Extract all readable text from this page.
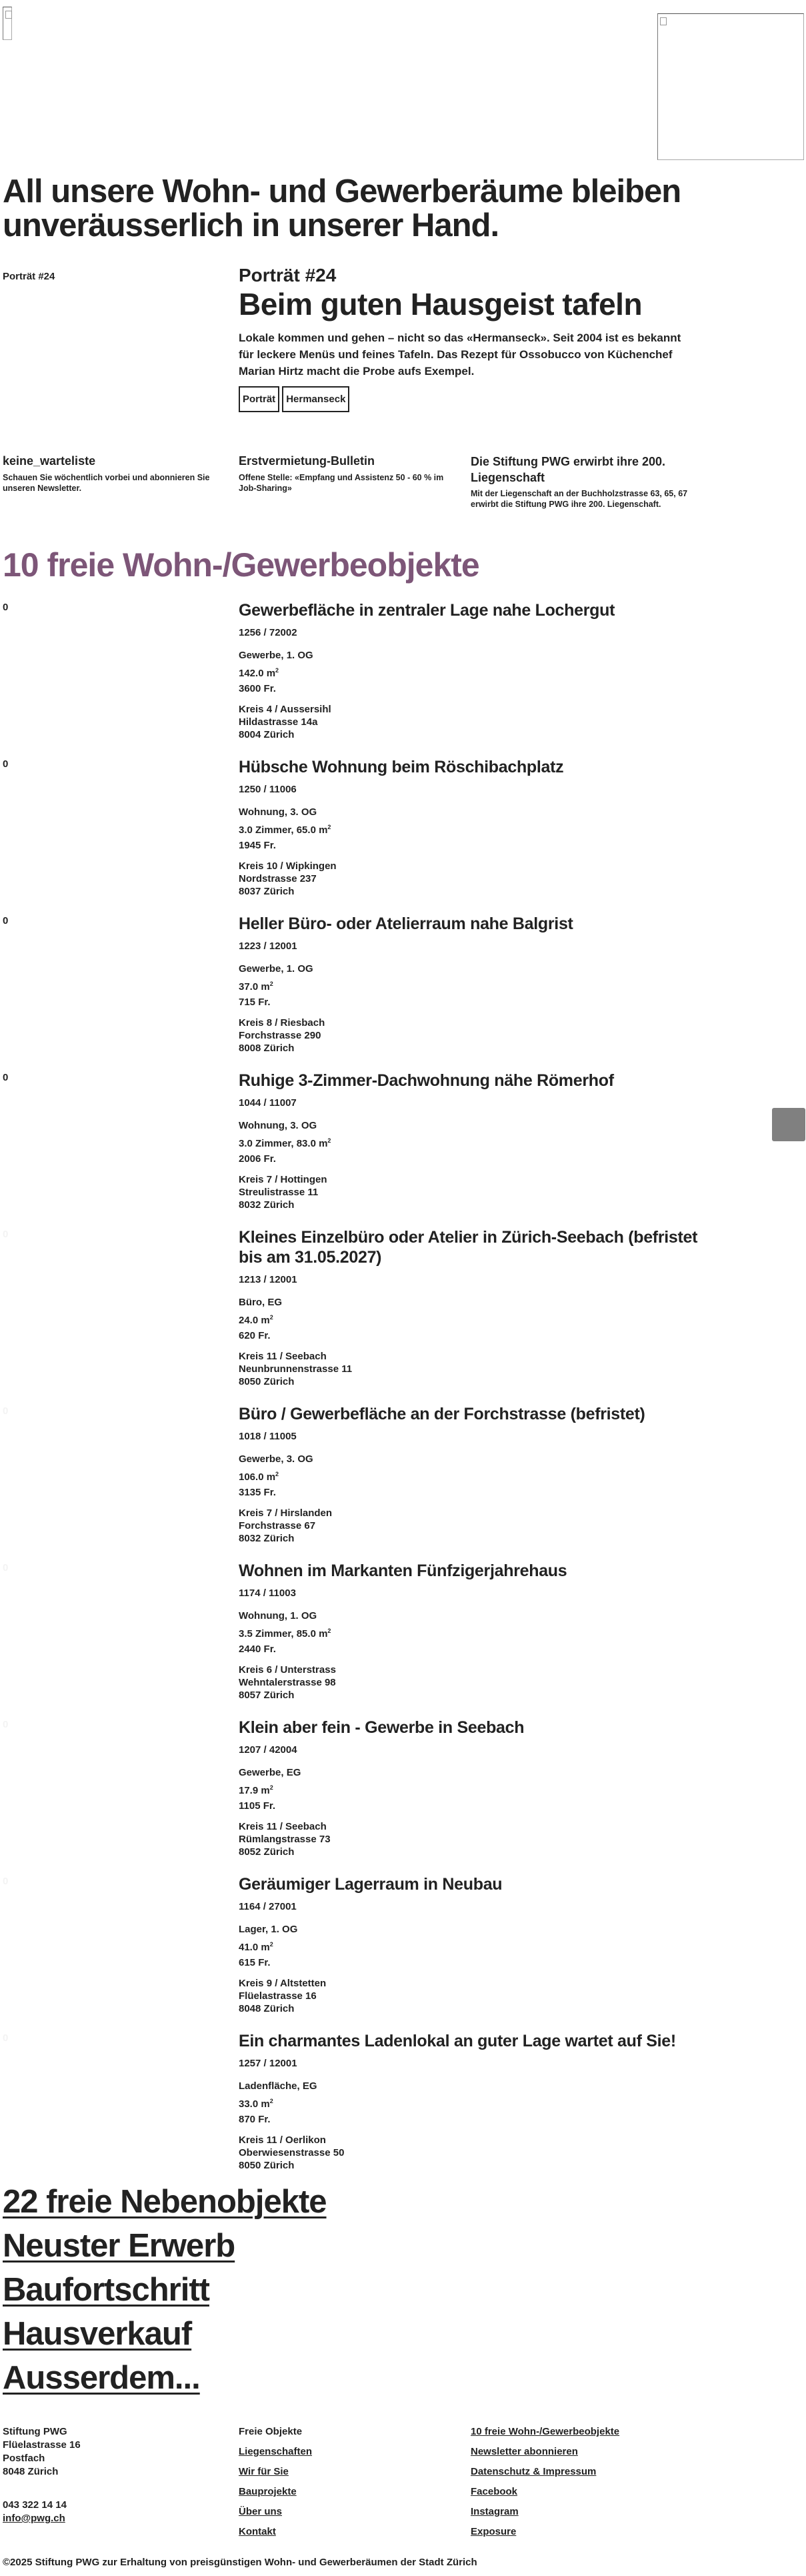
All unsere Wohn- und Gewerberäume bleiben unveräusserlich in unserer Hand.
Porträt #24	Porträt #24

Beim guten Hausgeist tafeln

Lokale kommen und gehen – nicht so das «Hermanseck». Seit 2004 ist es bekannt für leckere Menüs und feines Tafeln. Das Rezept für Ossobucco von Küchenchef Marian Hirtz macht die Probe aufs Exempel.

Porträt	Hermanseck
keine_warteliste

Schauen Sie wöchentlich vorbei und abonnieren Sie unseren Newsletter.

Erstvermietung-Bulletin

Offene Stelle: «Empfang und Assistenz 50 - 60 % im Job-Sharing»

Die Stiftung PWG erwirbt ihre 200. Liegenschaft

Mit der Liegenschaft an der Buchholzstrasse 63, 65, 67 erwirbt die Stiftung PWG ihre 200. Liegenschaft.

10 freie Wohn-/Gewerbeobjekte
0	Gewerbefläche in zentraler Lage nahe Lochergut

1256 / 72002

Gewerbe, 1. OG

142.0 $m^2$

3600 Fr.

Kreis 4 / Aussersihl
Hildastrasse 14a
8004 Zürich
0	Hübsche Wohnung beim Röschibachplatz

1250 / 11006

Wohnung, 3. OG

3.0 Zimmer, 65.0 $m^2$

1945 Fr.

Kreis 10 / Wipkingen
Nordstrasse 237
8037 Zürich
0	Heller Büro- oder Atelierraum nahe Balgrist

1223 / 12001

Gewerbe, 1. OG

37.0 $m^2$

715 Fr.

Kreis 8 / Riesbach
Forchstrasse 290
8008 Zürich
0	Ruhige 3-Zimmer-Dachwohnung nähe Römerhof

1044 / 11007

Wohnung, 3. OG

3.0 Zimmer, 83.0 $m^2$

2006 Fr.

Kreis 7 / Hottingen
Streulistrasse 11
8032 Zürich
0	Kleines Einzelbüro oder Atelier in Zürich-Seebach (befristet bis am 31.05.2027)

1213 / 12001

Büro, EG

24.0 $m^2$

620 Fr.

Kreis 11 / Seebach
Neunbrunnenstrasse 11
8050 Zürich
0	Büro / Gewerbefläche an der Forchstrasse (befristet)

1018 / 11005

Gewerbe, 3. OG

106.0 $m^2$

3135 Fr.

Kreis 7 / Hirslanden
Forchstrasse 67
8032 Zürich
0	Wohnen im Markanten Fünfzigerjahrehaus

1174 / 11003

Wohnung, 1. OG

3.5 Zimmer, 85.0 $m^2$

2440 Fr.

Kreis 6 / Unterstrass
Wehntalerstrasse 98
8057 Zürich
0	Klein aber fein - Gewerbe in Seebach

1207 / 42004

Gewerbe, EG

17.9 $m^2$

1105 Fr.

Kreis 11 / Seebach
Rümlangstrasse 73
8052 Zürich
0	Geräumiger Lagerraum in Neubau

1164 / 27001

Lager, 1. OG

41.0 $m^2$

615 Fr.

Kreis 9 / Altstetten
Flüelastrasse 16
8048 Zürich
0	Ein charmantes Ladenlokal an guter Lage wartet auf Sie!

1257 / 12001

Ladenfläche, EG

33.0 $m^2$

870 Fr.

Kreis 11 / Oerlikon
Oberwiesenstrasse 50
8050 Zürich
22 freie Nebenobjekte
Neuster Erwerb
Baufortschritt
Hausverkauf
Ausserdem...
Stiftung PWG
Flüelastrasse 16
Postfach
8048 Zürich
043 322 14 14
info@pwg.ch
Freie Objekte
Liegenschaften
Wir für Sie
Bauprojekte
Über uns
Kontakt
10 freie Wohn-/Gewerbeobjekte
Newsletter abonnieren
Datenschutz & Impressum
Facebook
Instagram
Exposure
©2025 Stiftung PWG zur Erhaltung von preisgünstigen Wohn- und Gewerberäumen der Stadt Zürich
